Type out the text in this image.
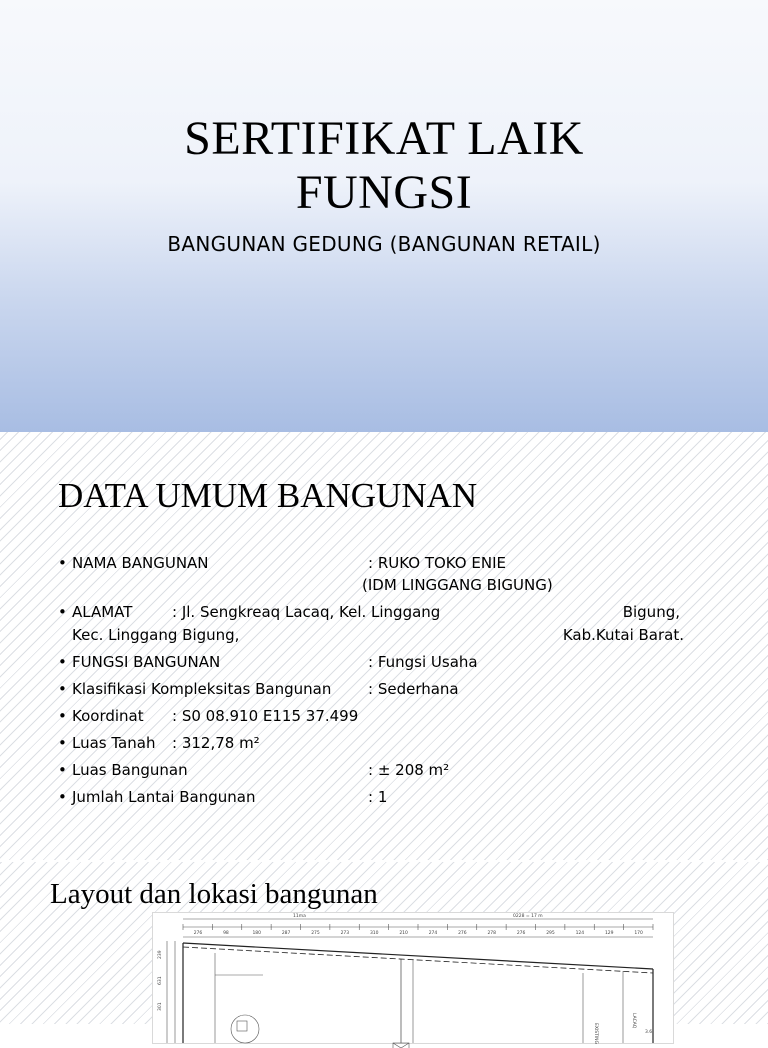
SERTIFIKAT LAIK
FUNGSI
BANGUNAN GEDUNG (BANGUNAN RETAIL)
DATA UMUM BANGUNAN
• NAMA BANGUNAN	: RUKO TOKO ENIE
(IDM LINGGANG BIGUNG)
• ALAMAT	: Jl. Sengkreaq Lacaq, Kel. Linggang	Bigung,
Kec. Linggang Bigung,	Kab.Kutai Barat.
• FUNGSI BANGUNAN	: Fungsi Usaha
• Klasifikasi Kompleksitas Bangunan	: Sederhana
• Koordinat	: S0 08.910 E115 37.499
• Luas Tanah	: 312,78 m²
• Luas Bangunan	: ± 208 m²
• Jumlah Lantai Bangunan	: 1
Layout dan lokasi bangunan
11ma	0228 = 17 m
3.6
276	98	180	287	275	273	310	210	274	276	278	276	295	124	129	170
239
631
301
EXISTING
LACAQ
